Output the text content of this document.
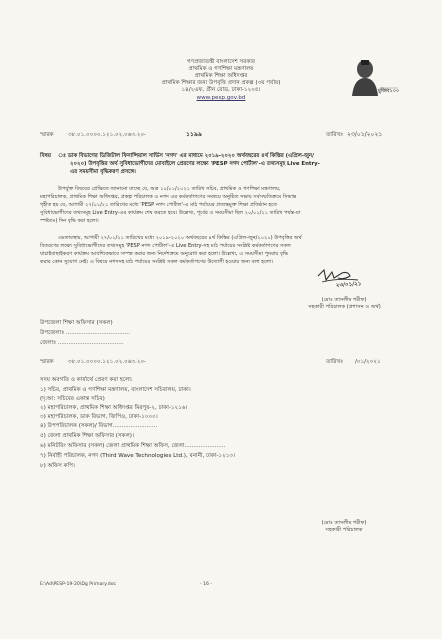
গণপ্রজাতন্ত্রী বাংলাদেশ সরকার
প্রাথমিক ও গণশিক্ষা মন্ত্রণালয়
প্রাথমিক শিক্ষা অধিদপ্তর
প্রাথমিক শিক্ষার জন্য উপবৃত্তি প্রদান প্রকল্প (৩য় পর্যায়)
১৪/২এফ, গ্রীন রোড, ঢাকা-১২০৫।
www.pesp.gov.bd
মুজিব১০০
স্মারক	৩৮.০১.০০০০.১২১.০২.০৬৩.২০-	১১৯৯	তারিখঃ ২৩/০১/২০২১
বিষয় ঃ ডাক বিভাগের ডিজিটাল ফিনান্সিয়াল সার্ভিস 'নগদ' এর মাধ্যমে ২০১৯-২০২০ অর্থবছরের ৪র্থ কিস্তির (এপ্রিল-জুন/
২০২০) উপবৃত্তির অর্থ সুবিধাভোগীদের মোবাইলে প্রেরণের লক্ষ্যে 'PESP নগদ পোর্টাল'-এ তথ্যসমূহ Live Entry-
এর সময়সীমা বৃদ্ধিকরণ প্রসঙ্গে।
উপর্যুক্ত বিষয়ের প্রেক্ষিতে জানানো যাচ্ছে যে, অত্র ১০/০১/২০২১ তারিখ সচিব, প্রাথমিক ও গণশিক্ষা মন্ত্রণালয়,
মহাপরিচালক, প্রাথমিক শিক্ষা অধিদপ্তর, প্রকল্প পরিচালক ও নগদ এর কর্মকর্তাগণের সমন্বয়ে অনুষ্ঠিত সভায় সর্বসম্মতিক্রমে সিদ্ধান্ত
গৃহীত হয় যে, আগামী ২৭/০১/২১ তারিখের মধ্যে 'PESP নগদ পোর্টাল'-এ মাঠ পর্যায়ের প্রত্যন্তমুক্ত শিক্ষা প্রতিষ্ঠান হতে
সুবিধাভোগীদের তথ্যসমূহ Live Entry-এর কার্যক্রম শেষ করতে হবে। উল্লেখ্য, পূর্বের ও সময়সীমা ছিল ২০/০১/২১ তারিখ পর্যন্ত-যা
স্পষ্টতঃ) দিন বৃদ্ধি করা হলো।
এমতাবস্থায়, আগামী ২৭/০১/২১ তারিখের মধ্যে ২০১৯-২০২০ অর্থবছরের ৪র্থ কিস্তির (এপ্রিল-জুন/২০২০) উপবৃত্তির অর্থ
বিতরণের লক্ষ্যে সুবিধাভোগীদের তথ্যসমূহ 'PESP নগদ পোর্টাল'-এ Live Entry-সহ মাঠ পর্যায়ের সংশ্লিষ্ট কর্মকর্তাগণের সকল
যাচাইবাছাইকরণ কার্যক্রম আবশ্যিকভাবে সম্পন্ন করার জন্য নির্দেশক্রমে অনুরোধ করা হলো। উল্লেখ্য, এ সময়সীমা পুনরায় বৃদ্ধি
করার কোন সুযোগ নেই। এ বিষয়ে নগদসহ মাঠ পর্যায়ের সংশ্লিষ্ট সকল কর্মকর্তাগণের উদ্যোগী হওয়ার জন্য বলা হলো।
২৩/০১/২১
(মোঃ তাসলীম শরীফ)
সহকারী পরিচালক (প্রশাসন ও অর্থ)
উপজেলা শিক্ষা অফিসার (সকল)
উপজেলাঃ ....................................
জেলাঃ .....................................
স্মারক	৩৮.০১.০০০০.১২১.০২.০৬৩.২০-	তারিখঃ /০১/২০২১
সদয় অবগতি ও কার্যার্থে প্রেরণ করা হলো:
১) সচিব, প্রাথমিক ও গণশিক্ষা মন্ত্রণালয়, বাংলাদেশ সচিবালয়, ঢাকা।
(দৃ:আ: সচিবের একান্ত সচিব)
২) মহাপরিচালক, প্রাথমিক শিক্ষা অধিদপ্তর মিরপুর-২, ঢাকা-১২১৬।
৩) মহাপরিচালক, ডাক বিভাগ, জিপিও, ঢাকা-১০০০।
৪) উপপরিচালক (সকল)/ বিভাগ.........................
৫) জেলা প্রাথমিক শিক্ষা অফিসার (সকল)।
৬) মনিটরিং অফিসার (সকল) জেলা প্রাথমিক শিক্ষা অফিস, জেলা.......................
৭) নির্বাহী পরিচালক, নগদ (Third Wave Technologies Ltd.), বনানী, ঢাকা-১২১৩।
৮) অফিস কপি।
(মোঃ তাসলীম শরীফ)
সহকারী পরিচালক
E:\Ad\PESP-19-20\Dg Primary.doc	- 16 -
